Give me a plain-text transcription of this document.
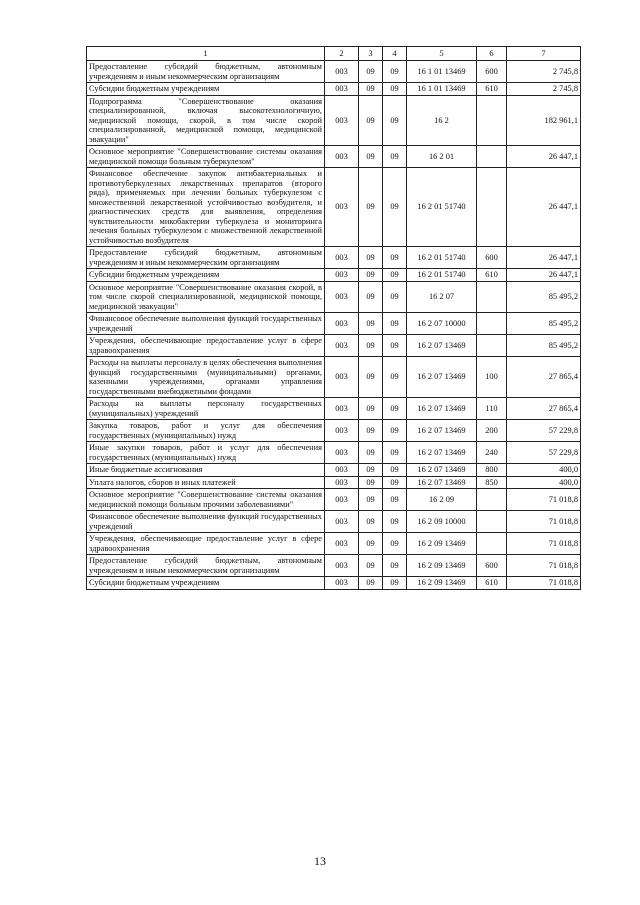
1	2	3	4	5	6	7
Предоставление субсидий бюджетным, автономным учреждениям и иным некоммерческим организациям	003	09	09	16 1 01 13469	600	2 745,8
Субсидии бюджетным учреждениям	003	09	09	16 1 01 13469	610	2 745,8
Подпрограмма "Совершенствование оказания специализированной, включая высокотехнологичную, медицинской помощи, скорой, в том числе скорой специализированной, медицинской помощи, медицинской эвакуации"	003	09	09	16 2		182 961,1
Основное мероприятие "Совершенствование системы оказания медицинской помощи больным туберкулезом"	003	09	09	16 2 01		26 447,1
Финансовое обеспечение закупок антибактериальных и противотуберкулезных лекарственных препаратов (второго ряда), применяемых при лечении больных туберкулезом с множественной лекарственной устойчивостью возбудителя, и диагностических средств для выявления, определения чувствительности микобактерии туберкулеза и мониторинга лечения больных туберкулезом с множественной лекарственной устойчивостью возбудителя	003	09	09	16 2 01 51740		26 447,1
Предоставление субсидий бюджетным, автономным учреждениям и иным некоммерческим организациям	003	09	09	16 2 01 51740	600	26 447,1
Субсидии бюджетным учреждениям	003	09	09	16 2 01 51740	610	26 447,1
Основное мероприятие "Совершенствование оказания скорой, в том числе скорой специализированной, медицинской помощи, медицинской эвакуации"	003	09	09	16 2 07		85 495,2
Финансовое обеспечение выполнения функций государственных учреждений	003	09	09	16 2 07 10000		85 495,2
Учреждения, обеспечивающие предоставление услуг в сфере здравоохранения	003	09	09	16 2 07 13469		85 495,2
Расходы на выплаты персоналу в целях обеспечения выполнения функций государственными (муниципальными) органами, казенными учреждениями, органами управления государственными внебюджетными фондами	003	09	09	16 2 07 13469	100	27 865,4
Расходы на выплаты персоналу государственных (муниципальных) учреждений	003	09	09	16 2 07 13469	110	27 865,4
Закупка товаров, работ и услуг для обеспечения государственных (муниципальных) нужд	003	09	09	16 2 07 13469	200	57 229,8
Иные закупки товаров, работ и услуг для обеспечения государственных (муниципальных) нужд	003	09	09	16 2 07 13469	240	57 229,8
Иные бюджетные ассигнования	003	09	09	16 2 07 13469	800	400,0
Уплата налогов, сборов и иных платежей	003	09	09	16 2 07 13469	850	400,0
Основное мероприятие "Совершенствование системы оказания медицинской помощи больным прочими заболеваниями"	003	09	09	16 2 09		71 018,8
Финансовое обеспечение выполнения функций государственных учреждений	003	09	09	16 2 09 10000		71 018,8
Учреждения, обеспечивающие предоставление услуг в сфере здравоохранения	003	09	09	16 2 09 13469		71 018,8
Предоставление субсидий бюджетным, автономным учреждениям и иным некоммерческим организациям	003	09	09	16 2 09 13469	600	71 018,8
Субсидии бюджетным учреждениям	003	09	09	16 2 09 13469	610	71 018,8
13
